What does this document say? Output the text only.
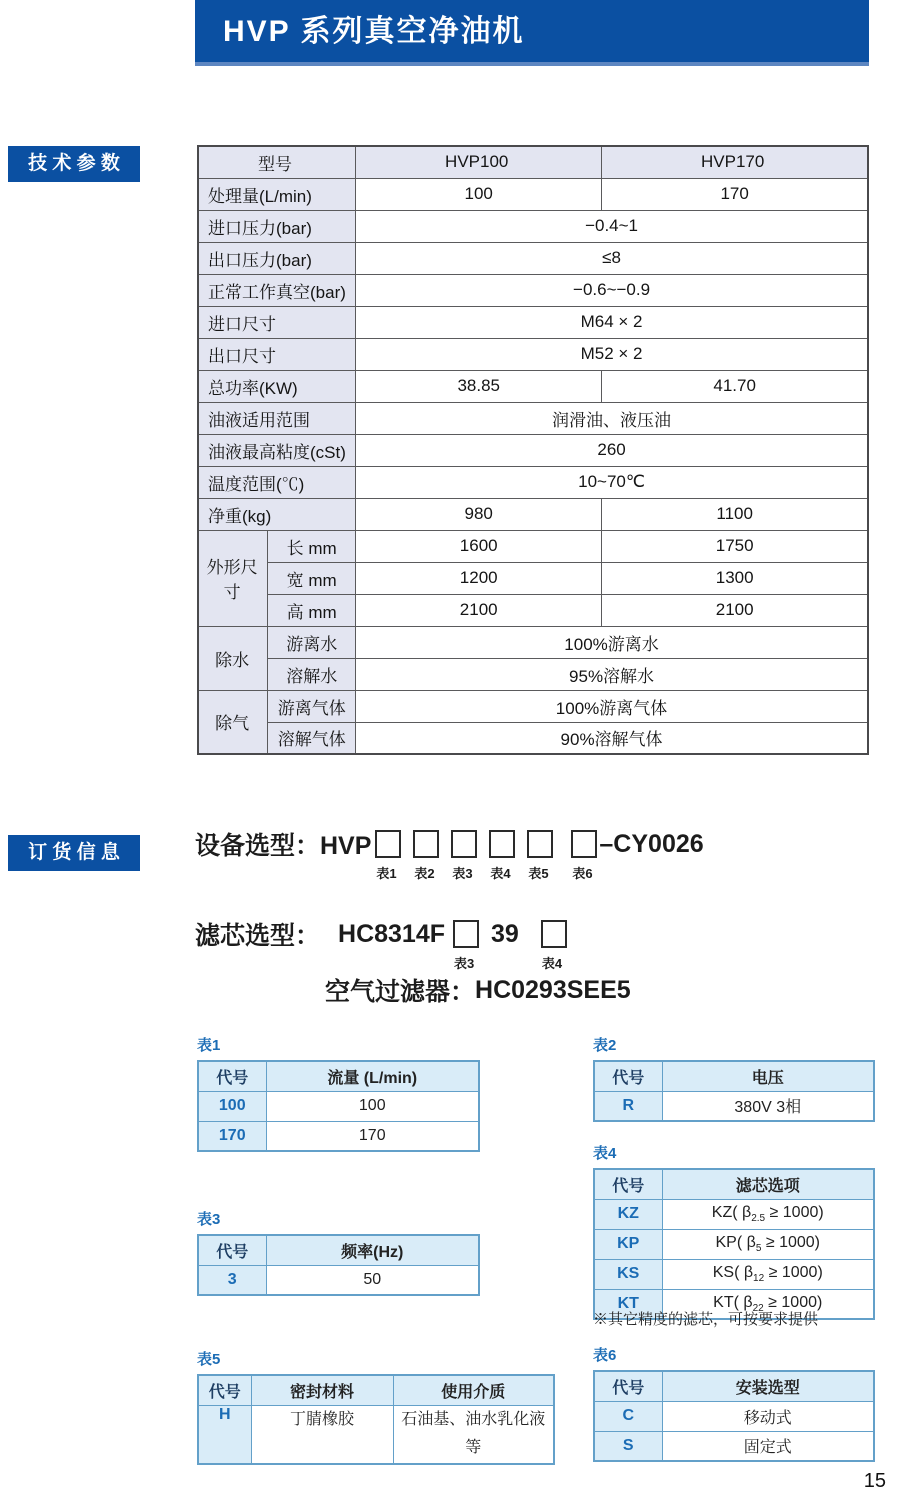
HVP 系列真空净油机
技 术 参 数
订 货 信 息
型号		HVP100	HVP170
处理量(L/min)		100	170
进口压力(bar)		−0.4~1	
出口压力(bar)		≤8	
正常工作真空(bar)		−0.6~−0.9	
进口尺寸		M64 × 2	
出口尺寸		M52 × 2	
总功率(KW)		38.85	41.70
油液适用范围		润滑油、液压油	
油液最高粘度(cSt)		260	
温度范围(℃)		10~70℃	
净重(kg)		980	1100
外形尺寸	长 mm	1600	1750
	宽 mm	1200	1300
	高 mm	2100	2100
除水	游离水	100%游离水	
	溶解水	95%溶解水	
除气	游离气体	100%游离气体	
	溶解气体	90%溶解气体	
设备选型：HVP
表1 表2 表3 表4 表5 表6
–CY0026
滤芯选型： HC8314F
表3
39
表4
空气过滤器： HC0293SEE5
表1
代号	流量 (L/min)
100	100
170	170
表2
代号	电压
R	380V 3相
表4
代号	滤芯选项
KZ	KZ( $\beta_{2.5} \ge 1000$)
KP	KP( $\beta_5 \ge 1000$)
KS	KS( $\beta_{12} \ge 1000$)
KT	KT( $\beta_{22} \ge 1000$)
※其它精度的滤芯，可按要求提供
表3
代号	频率(Hz)
3	50
表5
代号	密封材料	使用介质
H	丁腈橡胶	石油基、油水乳化液等
表6
代号	安装选型
C	移动式
S	固定式
15
